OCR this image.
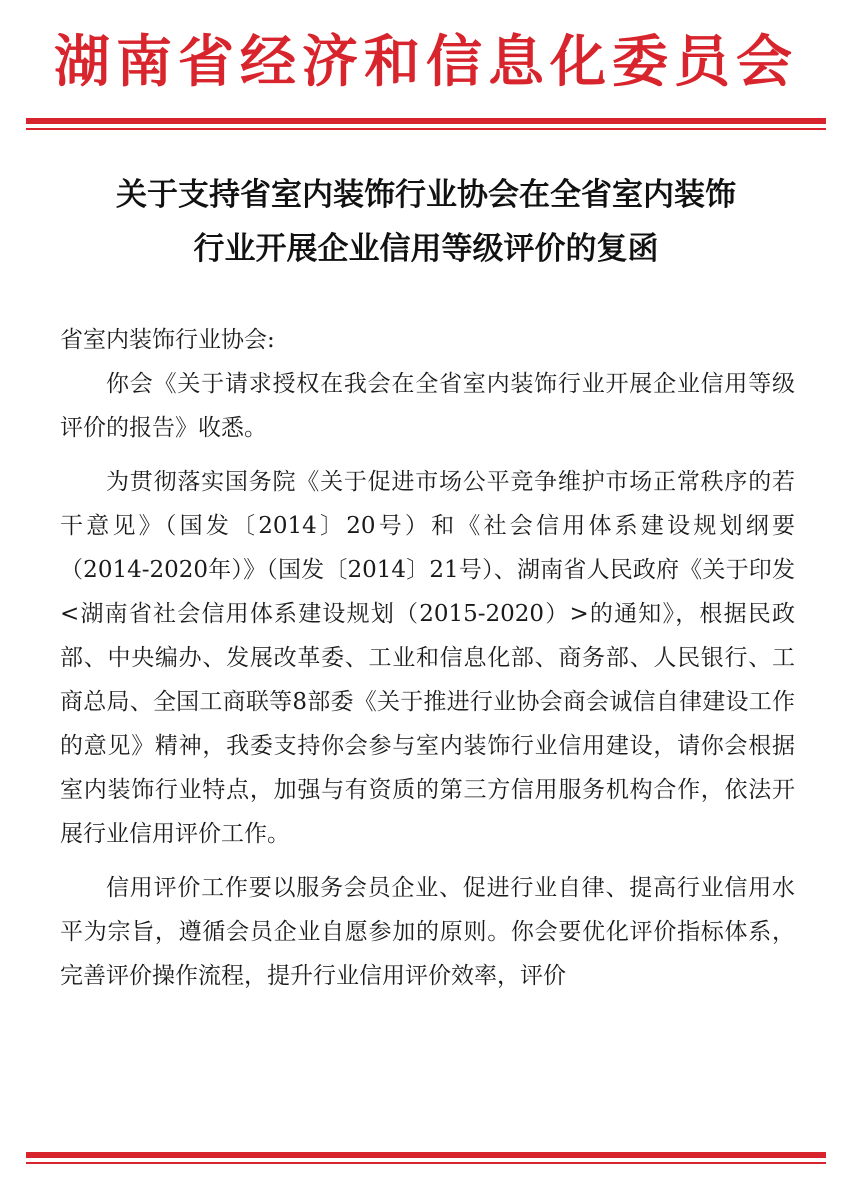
湖南省经济和信息化委员会
关于支持省室内装饰行业协会在全省室内装饰
行业开展企业信用等级评价的复函

省室内装饰行业协会:

你会《关于请求授权在我会在全省室内装饰行业开展企业信用等级评价的报告》收悉。

为贯彻落实国务院《关于促进市场公平竞争维护市场正常秩序的若干意见》（国发〔2014〕20号）和《社会信用体系建设规划纲要（2014-2020年）》（国发〔2014〕21号）、湖南省人民政府《关于印发<湖南省社会信用体系建设规划（2015-2020）>的通知》，根据民政部、中央编办、发展改革委、工业和信息化部、商务部、人民银行、工商总局、全国工商联等8部委《关于推进行业协会商会诚信自律建设工作的意见》精神，我委支持你会参与室内装饰行业信用建设，请你会根据室内装饰行业特点，加强与有资质的第三方信用服务机构合作，依法开展行业信用评价工作。

信用评价工作要以服务会员企业、促进行业自律、提高行业信用水平为宗旨，遵循会员企业自愿参加的原则。你会要优化评价指标体系，完善评价操作流程，提升行业信用评价效率，评价
